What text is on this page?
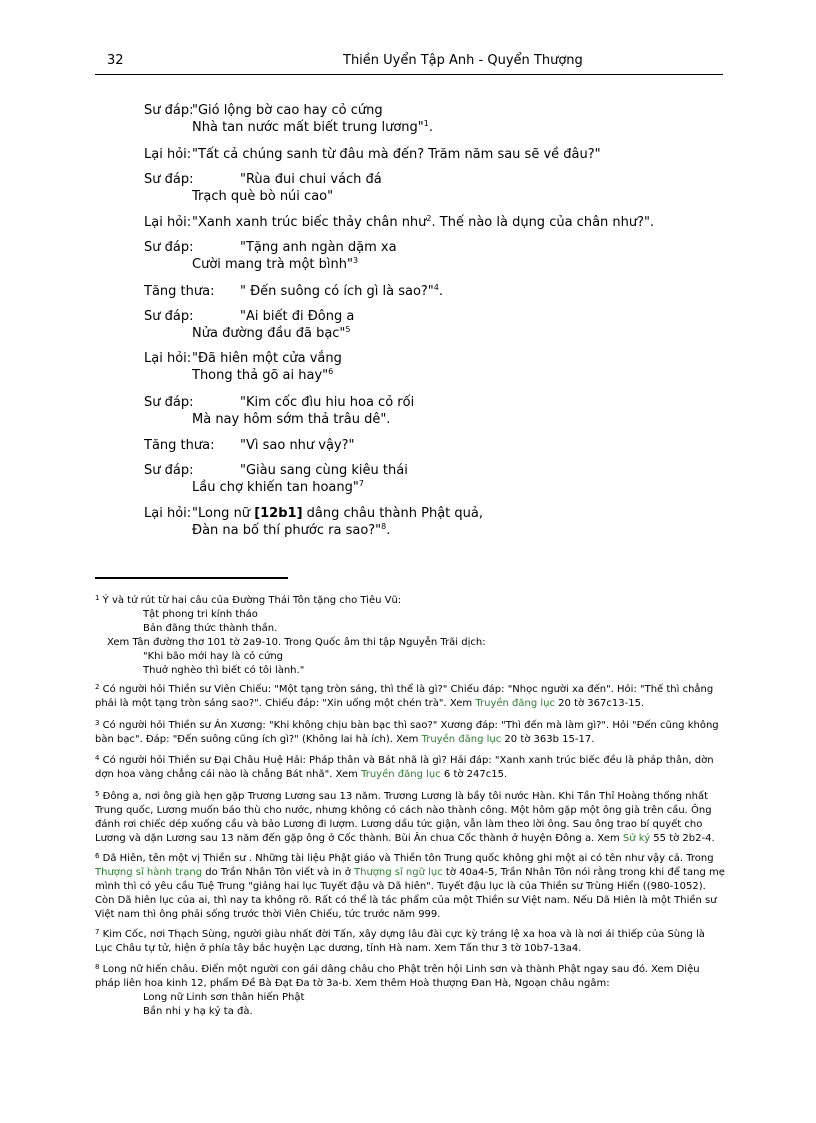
32	Thiền Uyển Tập Anh - Quyển Thượng
Sư đáp:
"Gió lộng bờ cao hay cỏ cứng
Nhà tan nước mất biết trung lương"$^1$.
Lại hỏi: "Tất cả chúng sanh từ đâu mà đến? Trăm năm sau sẽ về đâu?"
Sư đáp:	"Rùa đui chui vách đá
Trạch què bò núi cao"
Lại hỏi: "Xanh xanh trúc biếc thảy chân như$^2$. Thế nào là dụng của chân như?".
Sư đáp:	"Tặng anh ngàn dặm xa
Cười mang trà một bình"$^3$
Tăng thưa: " Đến suông có ích gì là sao?"$^4$.
Sư đáp:	"Ai biết đi Đông a
Nửa đường đầu đã bạc"$^5$
Lại hỏi: "Đã hiên một cửa vắng
Thong thả gõ ai hay"$^6$
Sư đáp:	"Kim cốc đìu hiu hoa cỏ rối
Mà nay hôm sớm thả trâu dê".
Tăng thưa: "Vì sao như vậy?"
Sư đáp:	"Giàu sang cùng kiêu thái
Lầu chợ khiến tan hoang"$^7$
Lại hỏi: "Long nữ [12b1] dâng châu thành Phật quả,
Đàn na bố thí phước ra sao?"$^8$.

$^1$ Ý và tứ rút từ hai câu của Đường Thái Tôn tặng cho Tiêu Vũ:

Tật phong tri kính tháo

Bản đãng thức thành thần.

Xem Tân đường thơ 101 tờ 2a9-10. Trong Quốc âm thi tập Nguyễn Trãi dịch:

"Khi bão mới hay là cỏ cứng

Thuở nghèo thì biết có tôi lành."

$^2$ Có người hỏi Thiền sư Viên Chiếu: "Một tạng tròn sáng, thì thể là gì?" Chiếu đáp: "Nhọc người xa đến". Hỏi: "Thế thì chẳng phải là một tạng tròn sáng sao?". Chiếu đáp: "Xin uống một chén trà". Xem Truyền đăng lục 20 tờ 367c13-15.

$^3$ Có người hỏi Thiền sư Án Xương: "Khi không chịu bàn bạc thì sao?" Xương đáp: "Thì đến mà làm gì?". Hỏi "Đến cũng không bàn bạc". Đáp: "Đến suông cũng ích gì?" (Không lai hà ích). Xem Truyền đăng lục 20 tờ 363b 15-17.

$^4$ Có người hỏi Thiền sư Đại Châu Huệ Hải: Pháp thân và Bát nhã là gì? Hải đáp: "Xanh xanh trúc biếc đều là pháp thân, dờn dợn hoa vàng chẳng cái nào là chẳng Bát nhã". Xem Truyền đăng lục 6 tờ 247c15.

$^5$ Đông a, nơi ông già hẹn gặp Trương Lương sau 13 năm. Trương Lương là bầy tôi nước Hàn. Khi Tần Thỉ Hoàng thống nhất Trung quốc, Lương muốn báo thù cho nước, nhưng không có cách nào thành công. Một hôm gặp một ông già trên cầu. Ông đánh rơi chiếc dép xuống cầu và bảo Lương đi lượm. Lương dầu tức giận, vẫn làm theo lời ông. Sau ông trao bí quyết cho Lương và dặn Lương sau 13 năm đến gặp ông ở Cốc thành. Bùi Ân chua Cốc thành ở huyện Đông a. Xem Sử ký 55 tờ 2b2-4.

$^6$ Dã Hiên, tên một vị Thiền sư . Những tài liệu Phật giáo và Thiền tôn Trung quốc không ghi một ai có tên như vậy cả. Trong Thượng sĩ hành trạng do Trần Nhân Tôn viết và in ở Thượng sĩ ngữ lục tờ 40a4-5, Trần Nhân Tôn nói rằng trong khi để tang mẹ mình thì có yêu cầu Tuệ Trung "giảng hai lục Tuyết đậu và Dã hiên". Tuyết đậu lục là của Thiền sư Trùng Hiển ((980-1052). Còn Dã hiên lục của ai, thì nay ta không rõ. Rất có thể là tác phẩm của một Thiền sư Việt nam. Nếu Dã Hiên là một Thiền sư Việt nam thì ông phải sống trước thời Viên Chiếu, tức trước năm 999.

$^7$ Kim Cốc, nơi Thạch Sùng, người giàu nhất đời Tấn, xây dựng lâu đài cực kỳ tráng lệ xa hoa và là nơi ái thiếp của Sùng là Lục Châu tự tử, hiện ở phía tây bắc huyện Lạc dương, tỉnh Hà nam. Xem Tấn thư 3 tờ 10b7-13a4.

$^8$ Long nữ hiến châu. Điển một người con gái dâng châu cho Phật trên hội Linh sơn và thành Phật ngay sau đó. Xem Diệu pháp liên hoa kinh 12, phẩm Đề Bà Đạt Đa tờ 3a-b. Xem thêm Hoà thượng Đan Hà, Ngoạn châu ngâm:

Long nữ Linh sơn thân hiến Phật

Bần nhi y hạ kỷ ta đà.
